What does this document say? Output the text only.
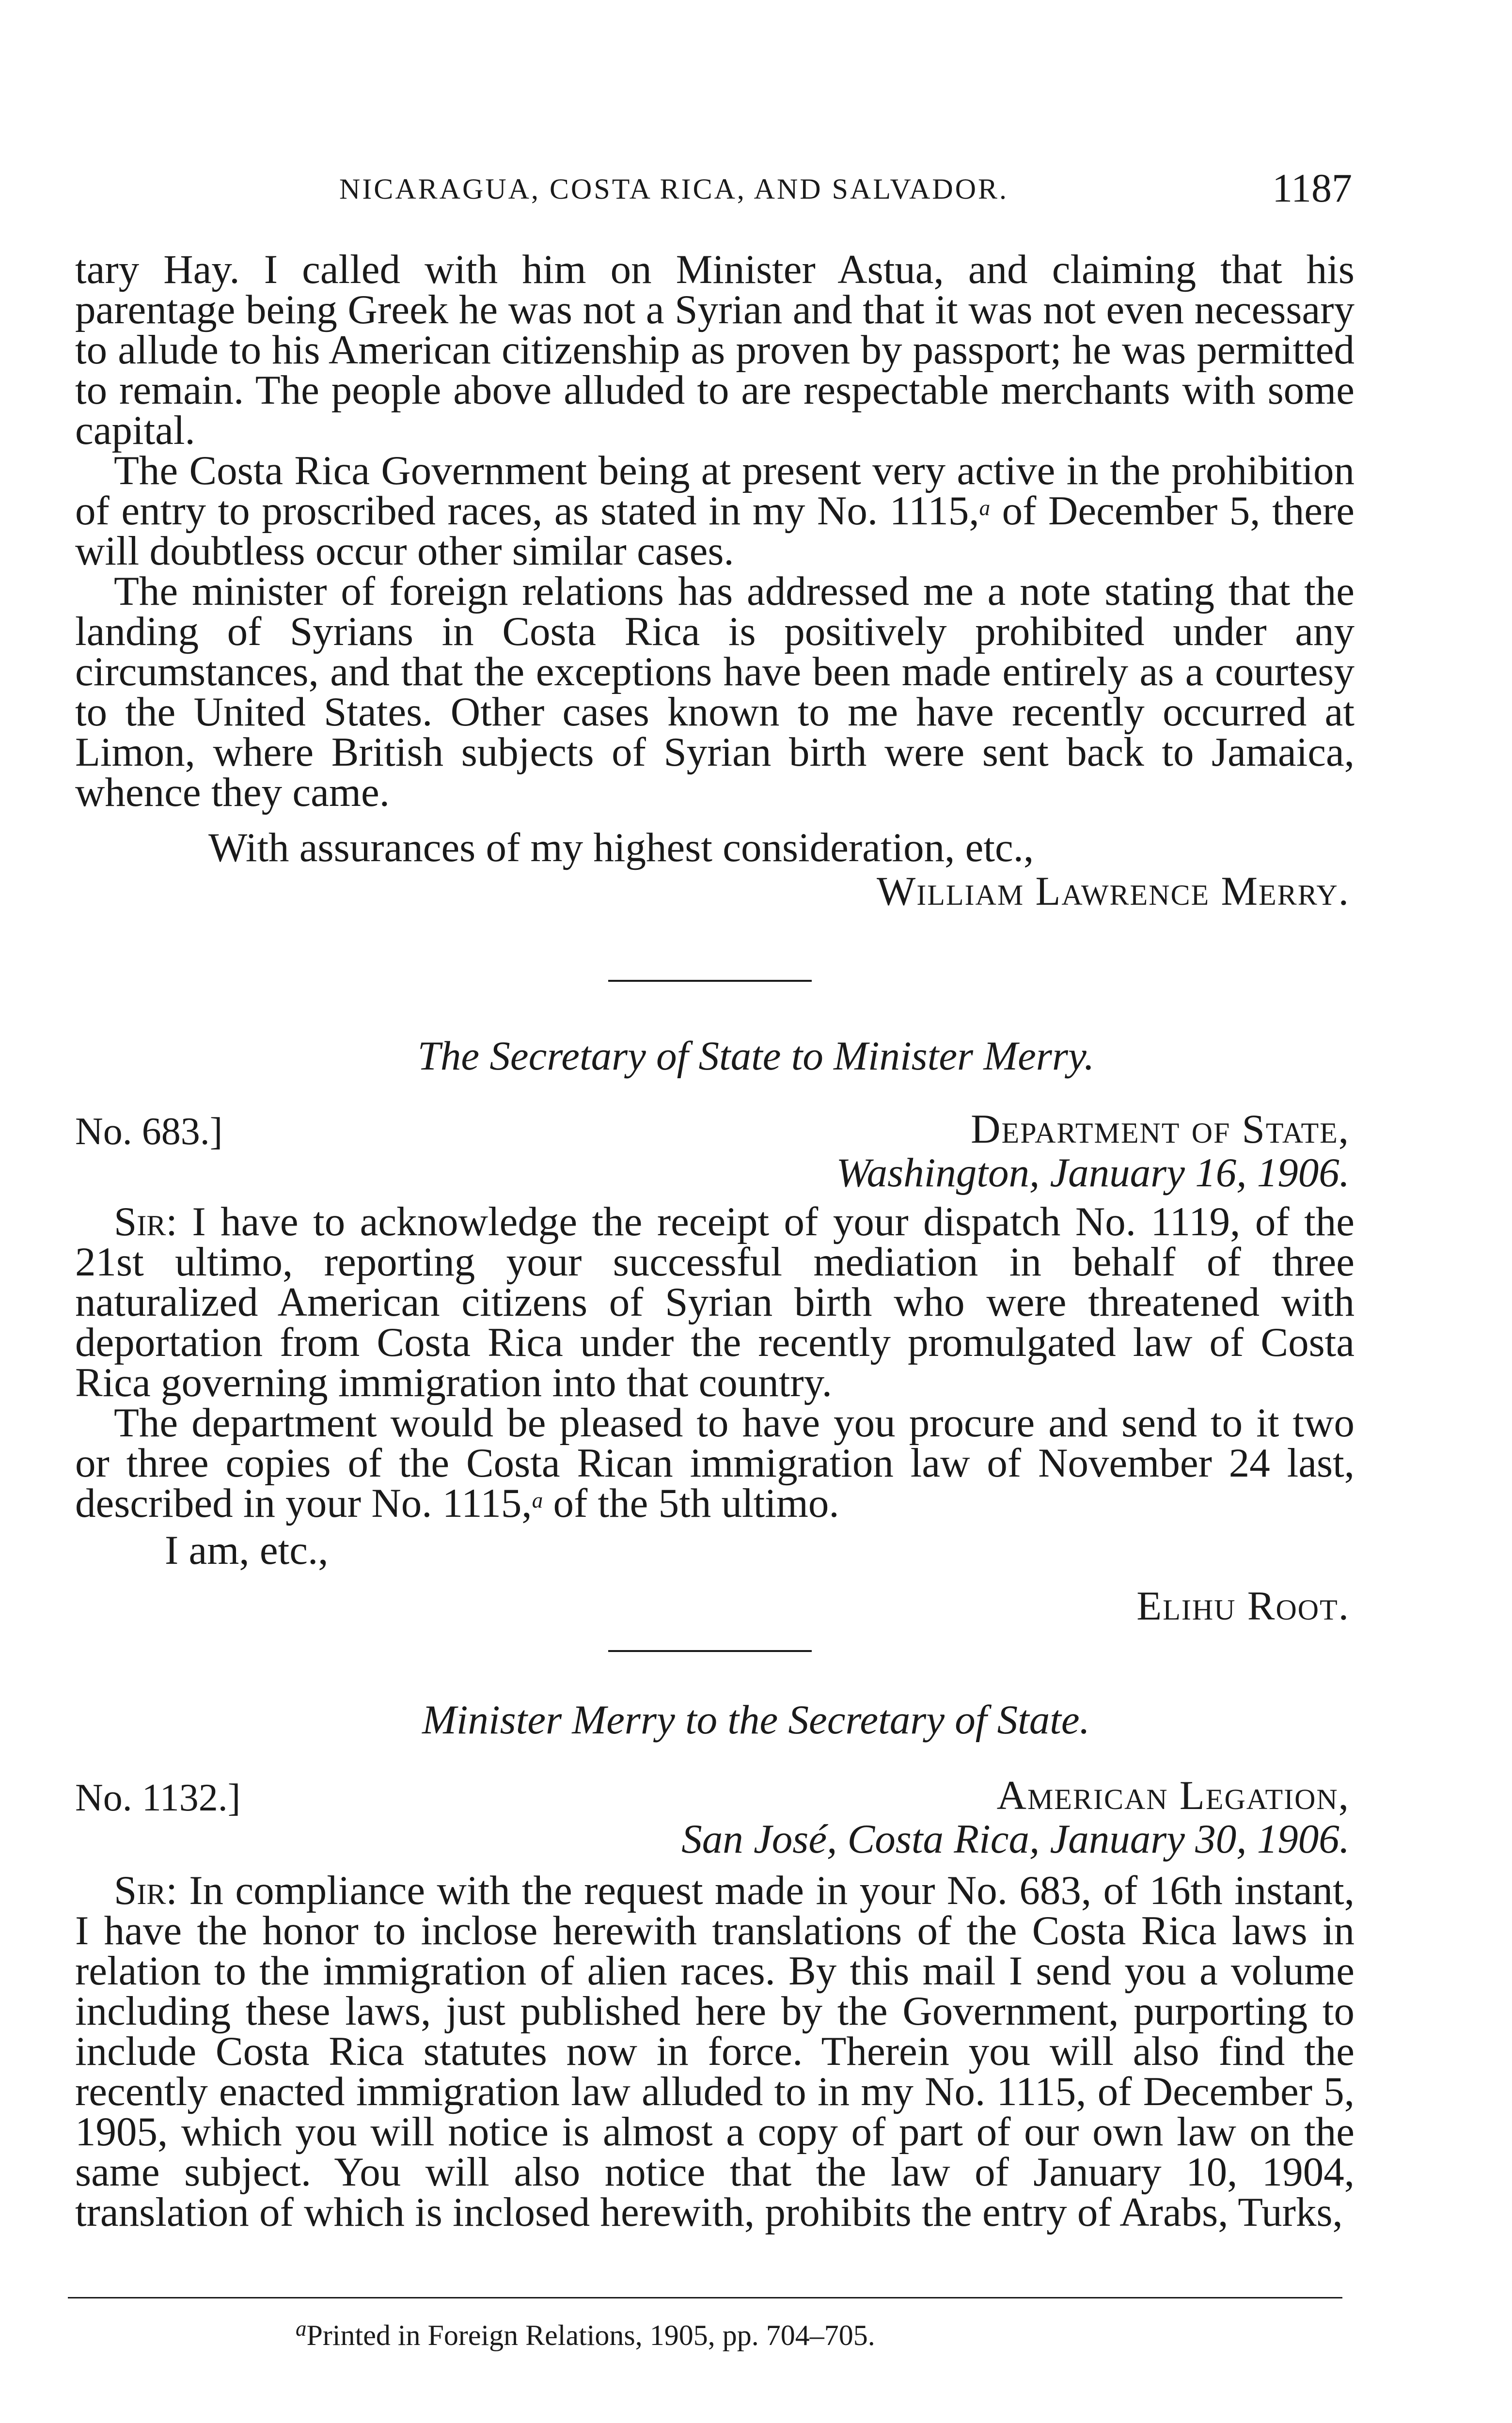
NICARAGUA, COSTA RICA, AND SALVADOR.	1187

tary Hay. I called with him on Minister Astua, and claiming that his parentage being Greek he was not a Syrian and that it was not even necessary to allude to his American citizenship as proven by passport; he was permitted to remain. The people above alluded to are respectable merchants with some capital.

The Costa Rica Government being at present very active in the prohibition of entry to proscribed races, as stated in my No. 1115,$^a$ of December 5, there will doubtless occur other similar cases.

The minister of foreign relations has addressed me a note stating that the landing of Syrians in Costa Rica is positively prohibited under any circumstances, and that the exceptions have been made entirely as a courtesy to the United States. Other cases known to me have recently occurred at Limon, where British subjects of Syrian birth were sent back to Jamaica, whence they came.

With assurances of my highest consideration, etc.,
William Lawrence Merry.
The Secretary of State to Minister Merry.
No. 683.]	Department of State,
Washington, January 16, 1906.

Sir: I have to acknowledge the receipt of your dispatch No. 1119, of the 21st ultimo, reporting your successful mediation in behalf of three naturalized American citizens of Syrian birth who were threatened with deportation from Costa Rica under the recently promulgated law of Costa Rica governing immigration into that country.

The department would be pleased to have you procure and send to it two or three copies of the Costa Rican immigration law of November 24 last, described in your No. 1115,$^a$ of the 5th ultimo.

I am, etc.,
Elihu Root.
Minister Merry to the Secretary of State.
No. 1132.]	American Legation,
San José, Costa Rica, January 30, 1906.

Sir: In compliance with the request made in your No. 683, of 16th instant, I have the honor to inclose herewith translations of the Costa Rica laws in relation to the immigration of alien races. By this mail I send you a volume including these laws, just published here by the Government, purporting to include Costa Rica statutes now in force. Therein you will also find the recently enacted immigration law alluded to in my No. 1115, of December 5, 1905, which you will notice is almost a copy of part of our own law on the same subject. You will also notice that the law of January 10, 1904, translation of which is inclosed herewith, prohibits the entry of Arabs, Turks,

$^a$Printed in Foreign Relations, 1905, pp. 704–705.
